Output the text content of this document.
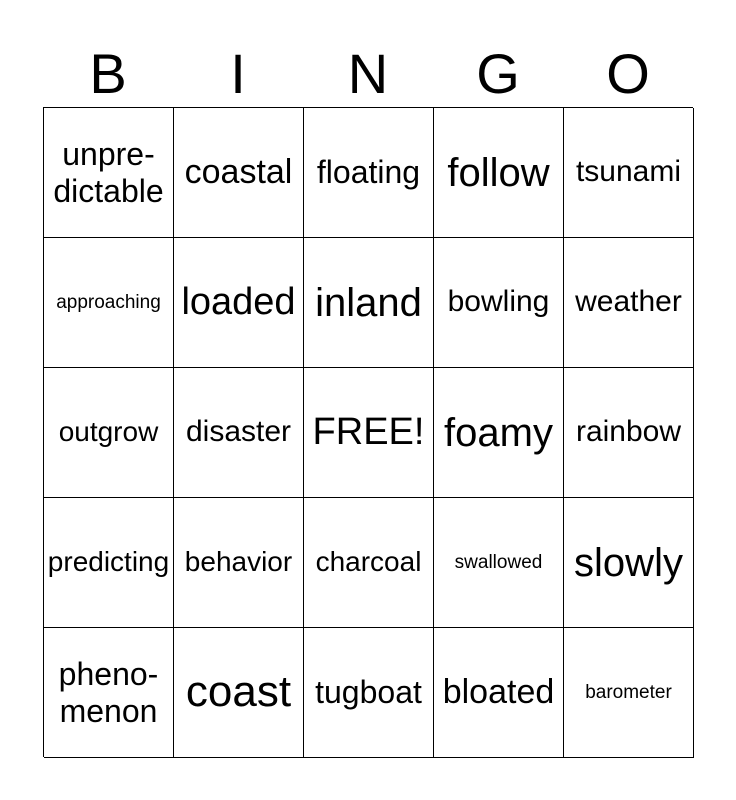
B	I	N	G	O
unpre-
dictable coastal floating follow tsunami
approaching loaded inland bowling weather
outgrow disaster FREE! foamy rainbow
predicting behavior charcoal swallowed slowly
pheno-
menon coast tugboat bloated barometer
